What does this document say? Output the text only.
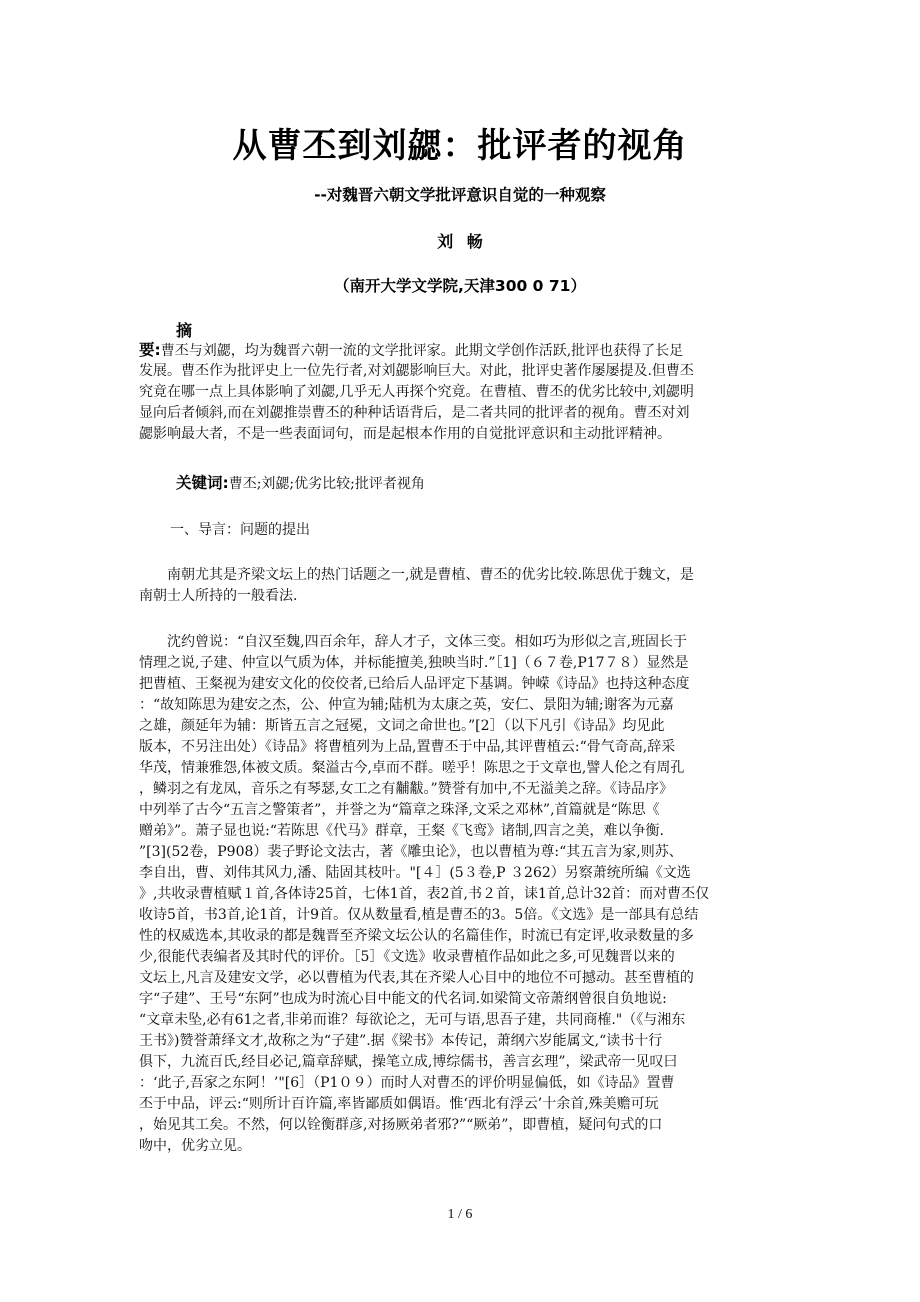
从曹丕到刘勰：批评者的视角
--对魏晋六朝文学批评意识自觉的一种观察
刘 畅
（南开大学文学院,天津300 0 71）
摘
要:曹丕与刘勰，均为魏晋六朝一流的文学批评家。此期文学创作活跃,批评也获得了长足
发展。曹丕作为批评史上一位先行者,对刘勰影响巨大。对此，批评史著作屡屡提及.但曹丕
究竟在哪一点上具体影响了刘勰,几乎无人再探个究竟。在曹植、曹丕的优劣比较中,刘勰明
显向后者倾斜,而在刘勰推崇曹丕的种种话语背后，是二者共同的批评者的视角。曹丕对刘
勰影响最大者，不是一些表面词句，而是起根本作用的自觉批评意识和主动批评精神。
关键词:曹丕;刘勰;优劣比较;批评者视角
一、导言：问题的提出
　　南朝尤其是齐梁文坛上的热门话题之一,就是曹植、曹丕的优劣比较.陈思优于魏文，是
南朝士人所持的一般看法.
　　沈约曾说：“自汉至魏,四百余年，辞人才子，文体三变。相如巧为形似之言,班固长于
情理之说,子建、仲宣以气质为体，并标能擅美,独映当时.”［1]（６７卷,P17７８）显然是
把曹植、王粲视为建安文化的佼佼者,已给后人品评定下基调。钟嵘《诗品》也持这种态度
：“故知陈思为建安之杰，公、仲宣为辅;陆机为太康之英，安仁、景阳为辅;谢客为元嘉
之雄，颜延年为辅：斯皆五言之冠冕，文词之命世也。”[2］（以下凡引《诗品》均见此
版本，不另注出处）《诗品》将曹植列为上品,置曹丕于中品,其评曹植云:“骨气奇高,辞采
华茂，情兼雅怨,体被文质。粲溢古今,卓而不群。嗟乎！陈思之于文章也,譬人伦之有周孔
，鳞羽之有龙凤，音乐之有琴瑟,女工之有黼黻。”赞誉有加中,不无溢美之辞。《诗品序》
中列举了古今“五言之警策者”，并誉之为“篇章之珠泽,文采之邓林”,首篇就是“陈思《
赠弟》”。萧子显也说:“若陈思《代马》群章，王粲《飞鸾》诸制,四言之美，难以争衡.
”[3](52卷，P908）裴子野论文法古，著《雕虫论》，也以曹植为尊:“其五言为家,则苏、
李自出，曹、刘伟其风力,潘、陆固其枝叶。"[４］(5３卷,P ３262）另察萧统所编《文选
》,共收录曹植赋１首,各体诗25首，七体1首，表2首,书２首，诔1首,总计32首：而对曹丕仅
收诗5首，书3首,论1首，计9首。仅从数量看,植是曹丕的3。5倍。《文选》是一部具有总结
性的权威选本,其收录的都是魏晋至齐梁文坛公认的名篇佳作，时流已有定评,收录数量的多
少,很能代表编者及其时代的评价。［5］《文选》收录曹植作品如此之多,可见魏晋以来的
文坛上,凡言及建安文学，必以曹植为代表,其在齐梁人心目中的地位不可撼动。甚至曹植的
字“子建”、王号“东阿”也成为时流心目中能文的代名词.如梁简文帝萧纲曾很自负地说:
“文章未坠,必有61之者,非弟而谁？每欲论之，无可与语,思吾子建，共同商榷."（《与湘东
王书》)赞誉萧绎文才,故称之为“子建”.据《梁书》本传记，萧纲六岁能属文,“读书十行
俱下，九流百氏,经目必记,篇章辞赋，操笔立成,博综儒书，善言玄理”，梁武帝一见叹曰
：‘此子,吾家之东阿！’"[6］（P1０９）而时人对曹丕的评价明显偏低，如《诗品》置曹
丕于中品，评云:“则所计百许篇,率皆鄙质如偶语。惟‘西北有浮云’十余首,殊美赡可玩
，始见其工矣。不然，何以铨衡群彦,对扬厥弟者邪?”“厥弟”，即曹植，疑问句式的口
吻中，优劣立见。
1 / 6
